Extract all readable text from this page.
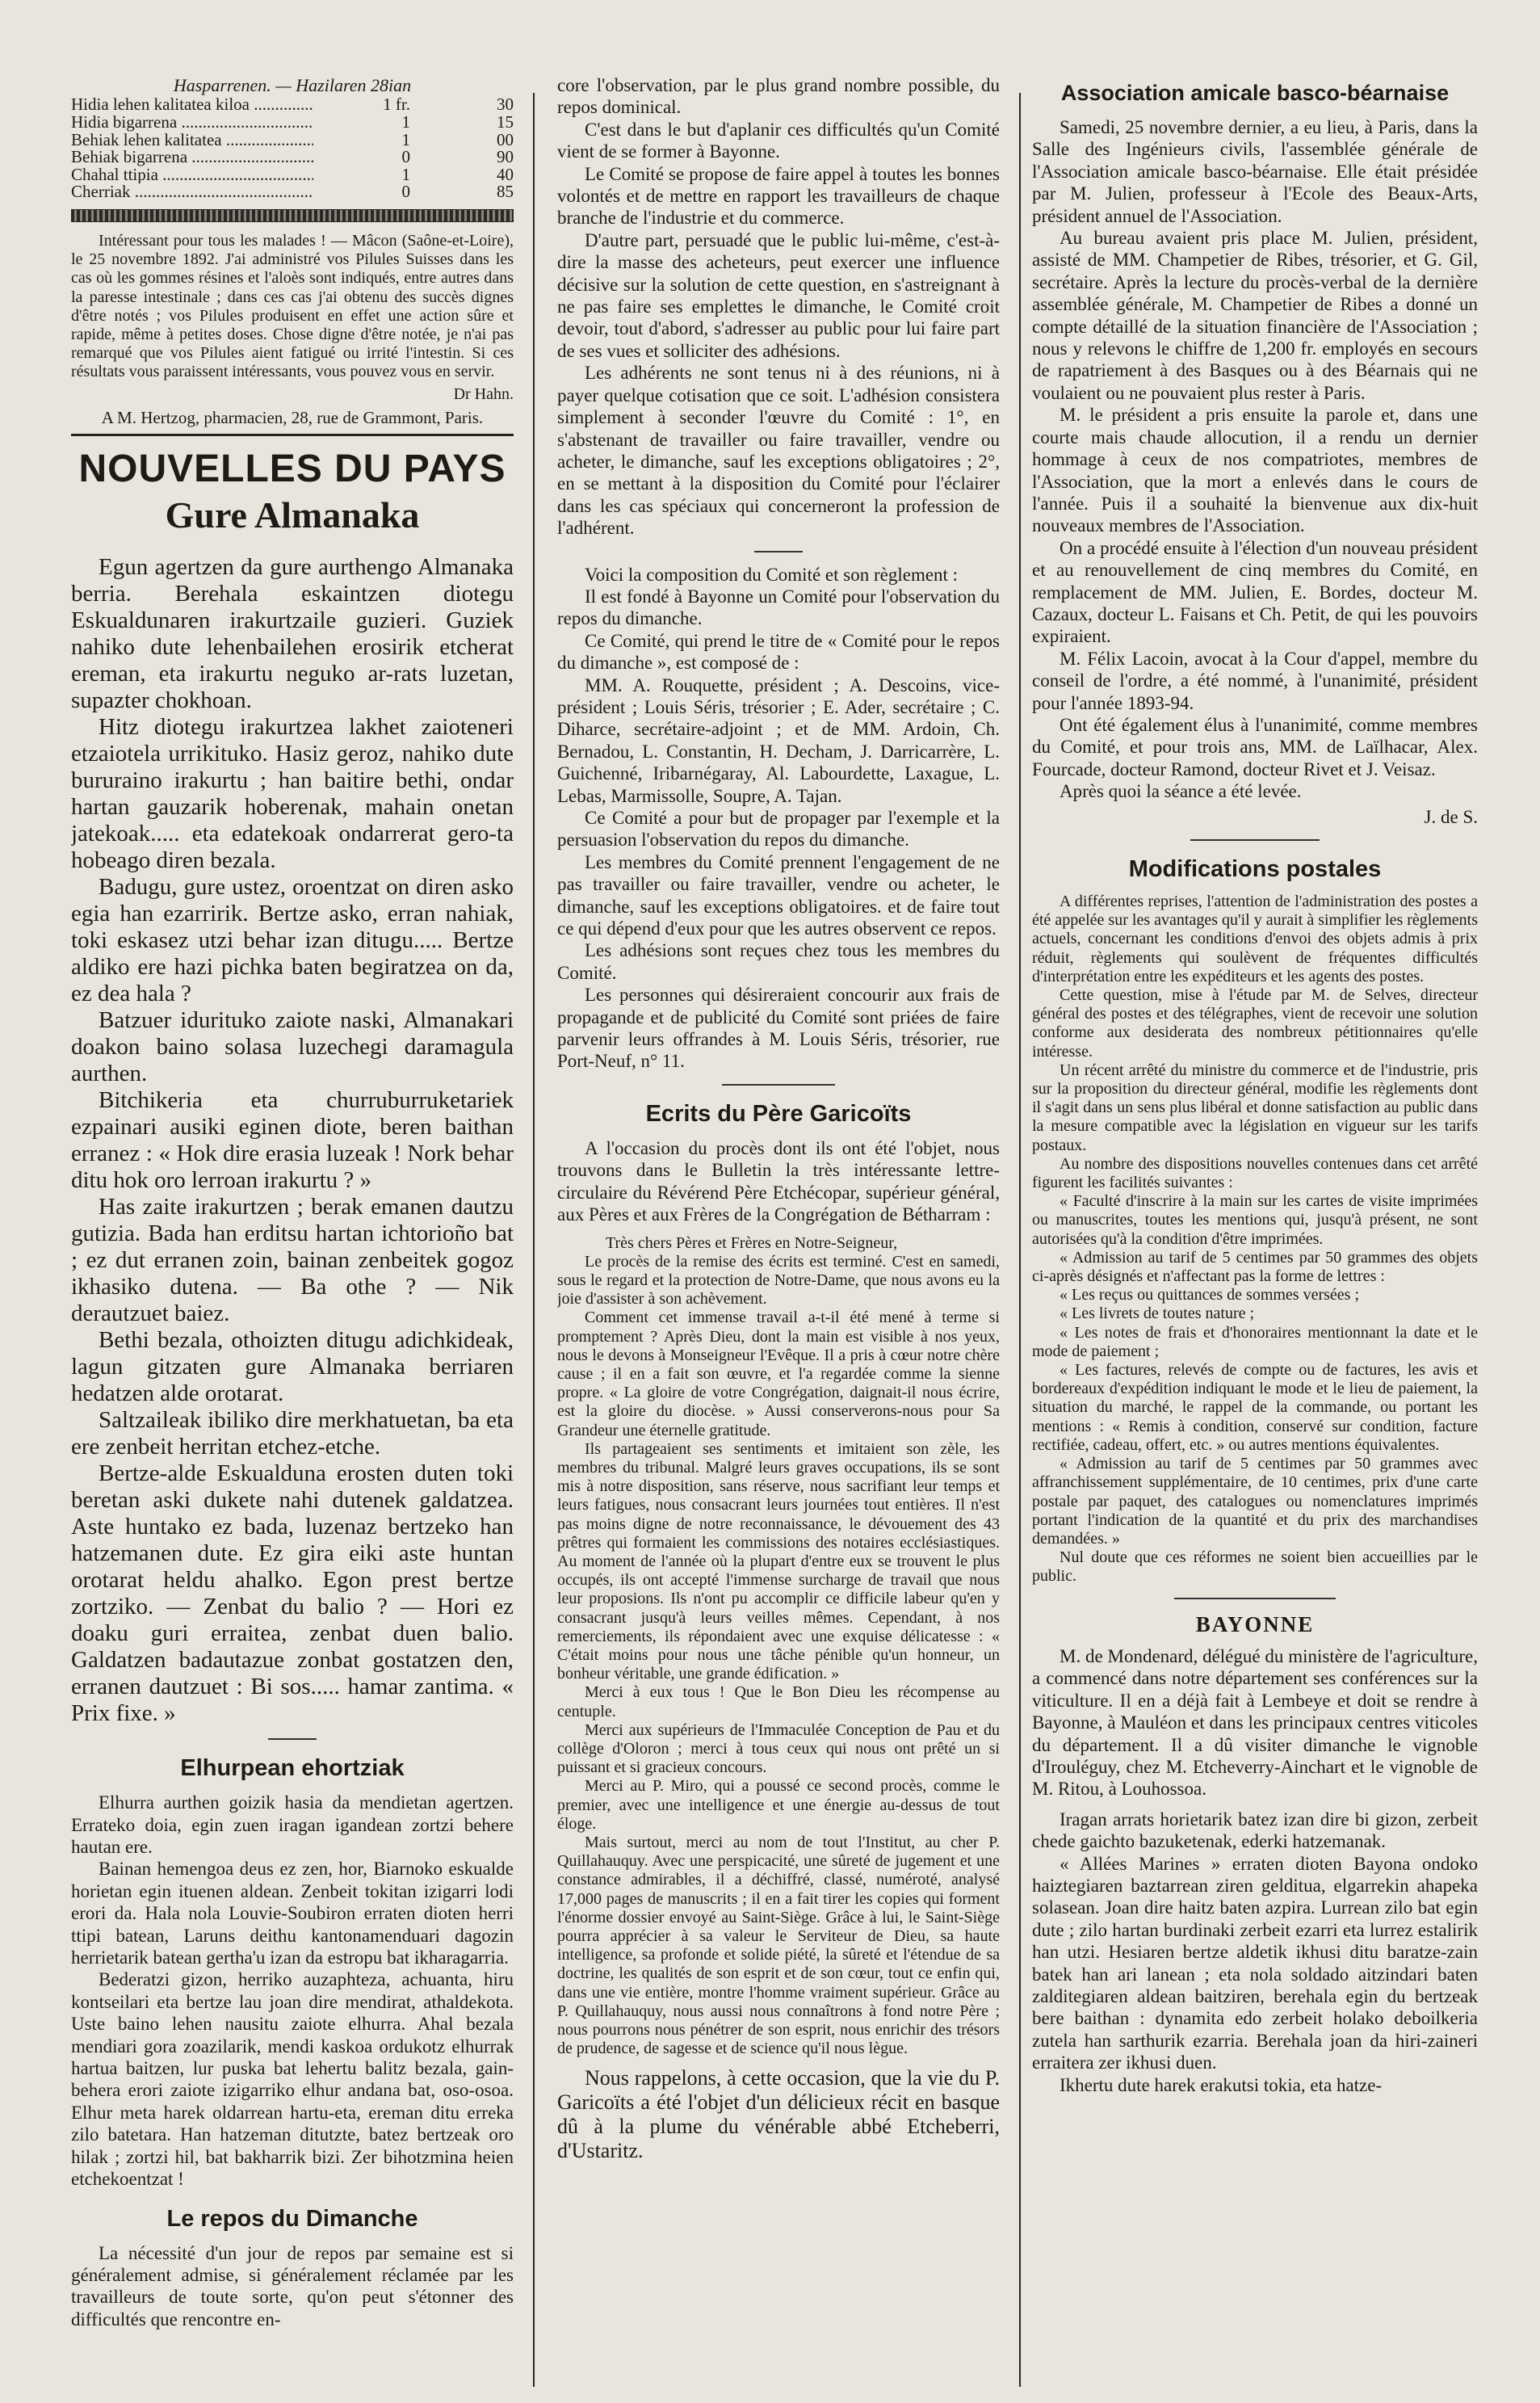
Hasparrenen. — Hazilaren 28ian

Hidia lehen kalitatea kiloa .....	1 fr.	30
Hidia bigarrena .....	1	15
Behiak lehen kalitatea .....	1	00
Behiak bigarrena .....	0	90
Chahal ttipia .....	1	40
Cherriak .....	0	85

Intéressant pour tous les malades ! — Mâcon (Saône-et-Loire), le 25 novembre 1892. J'ai administré vos Pilules Suisses dans les cas où les gommes résines et l'aloès sont indiqués, entre autres dans la paresse intestinale ; dans ces cas j'ai obtenu des succès dignes d'être notés ; vos Pilules produisent en effet une action sûre et rapide, même à petites doses. Chose digne d'être notée, je n'ai pas remarqué que vos Pilules aient fatigué ou irrité l'intestin. Si ces résultats vous paraissent intéressants, vous pouvez vous en servir.

Dr Hahn.

A M. Hertzog, pharmacien, 28, rue de Grammont, Paris.

NOUVELLES DU PAYS
Gure Almanaka

Egun agertzen da gure aurthengo Almanaka berria. Berehala eskaintzen diotegu Eskualdunaren irakurtzaile guzieri. Guziek nahiko dute lehenbailehen erosirik etcherat ereman, eta irakurtu neguko ar-rats luzetan, supazter chokhoan.

Hitz diotegu irakurtzea lakhet zaioteneri etzaiotela urrikituko. Hasiz geroz, nahiko dute bururaino irakurtu ; han baitire bethi, ondar hartan gauzarik hoberenak, mahain onetan jatekoak..... eta edatekoak ondarrerat gero-ta hobeago diren bezala.

Badugu, gure ustez, oroentzat on diren asko egia han ezarririk. Bertze asko, erran nahiak, toki eskasez utzi behar izan ditugu..... Bertze aldiko ere hazi pichka baten begiratzea on da, ez dea hala ?

Batzuer idurituko zaiote naski, Almanakari doakon baino solasa luzechegi daramagula aurthen.

Bitchikeria eta churruburruketariek ezpainari ausiki eginen diote, beren baithan erranez : « Hok dire erasia luzeak ! Nork behar ditu hok oro lerroan irakurtu ? »

Has zaite irakurtzen ; berak emanen dautzu gutizia. Bada han erditsu hartan ichtorioño bat ; ez dut erranen zoin, bainan zenbeitek gogoz ikhasiko dutena. — Ba othe ? — Nik derautzuet baiez.

Bethi bezala, othoizten ditugu adichkideak, lagun gitzaten gure Almanaka berriaren hedatzen alde orotarat.

Saltzaileak ibiliko dire merkhatuetan, ba eta ere zenbeit herritan etchez-etche.

Bertze-alde Eskualduna erosten duten toki beretan aski dukete nahi dutenek galdatzea. Aste huntako ez bada, luzenaz bertzeko han hatzemanen dute. Ez gira eiki aste huntan orotarat heldu ahalko. Egon prest bertze zortziko. — Zenbat du balio ? — Hori ez doaku guri erraitea, zenbat duen balio. Galdatzen badautazue zonbat gostatzen den, erranen dautzuet : Bi sos..... hamar zantima. « Prix fixe. »

Elhurpean ehortziak

Elhurra aurthen goizik hasia da mendietan agertzen. Errateko doia, egin zuen iragan igandean zortzi behere hautan ere.

Bainan hemengoa deus ez zen, hor, Biarnoko eskualde horietan egin ituenen aldean. Zenbeit tokitan izigarri lodi erori da. Hala nola Louvie-Soubiron erraten dioten herri ttipi batean, Laruns deithu kantonamenduari dagozin herrietarik batean gertha'u izan da estropu bat ikharagarria.

Bederatzi gizon, herriko auzaphteza, achuanta, hiru kontseilari eta bertze lau joan dire mendirat, athaldekota. Uste baino lehen nausitu zaiote elhurra. Ahal bezala mendiari gora zoazilarik, mendi kaskoa ordukotz elhurrak hartua baitzen, lur puska bat lehertu balitz bezala, gain-behera erori zaiote izigarriko elhur andana bat, oso-osoa. Elhur meta harek oldarrean hartu-eta, ereman ditu erreka zilo batetara. Han hatzeman ditutzte, batez bertzeak oro hilak ; zortzi hil, bat bakharrik bizi. Zer bihotzmina heien etchekoentzat !

Le repos du Dimanche

La nécessité d'un jour de repos par semaine est si généralement admise, si généralement réclamée par les travailleurs de toute sorte, qu'on peut s'étonner des difficultés que rencontre en-

core l'observation, par le plus grand nombre possible, du repos dominical.

C'est dans le but d'aplanir ces difficultés qu'un Comité vient de se former à Bayonne.

Le Comité se propose de faire appel à toutes les bonnes volontés et de mettre en rapport les travailleurs de chaque branche de l'industrie et du commerce.

D'autre part, persuadé que le public lui-même, c'est-à-dire la masse des acheteurs, peut exercer une influence décisive sur la solution de cette question, en s'astreignant à ne pas faire ses emplettes le dimanche, le Comité croit devoir, tout d'abord, s'adresser au public pour lui faire part de ses vues et solliciter des adhésions.

Les adhérents ne sont tenus ni à des réunions, ni à payer quelque cotisation que ce soit. L'adhésion consistera simplement à seconder l'œuvre du Comité : 1°, en s'abstenant de travailler ou faire travailler, vendre ou acheter, le dimanche, sauf les exceptions obligatoires ; 2°, en se mettant à la disposition du Comité pour l'éclairer dans les cas spéciaux qui concerneront la profession de l'adhérent.

Voici la composition du Comité et son règlement :

Il est fondé à Bayonne un Comité pour l'observation du repos du dimanche.

Ce Comité, qui prend le titre de « Comité pour le repos du dimanche », est composé de :

MM. A. Rouquette, président ; A. Descoins, vice-président ; Louis Séris, trésorier ; E. Ader, secrétaire ; C. Diharce, secrétaire-adjoint ; et de MM. Ardoin, Ch. Bernadou, L. Constantin, H. Decham, J. Darricarrère, L. Guichenné, Iribarnégaray, Al. Labourdette, Laxague, L. Lebas, Marmissolle, Soupre, A. Tajan.

Ce Comité a pour but de propager par l'exemple et la persuasion l'observation du repos du dimanche.

Les membres du Comité prennent l'engagement de ne pas travailler ou faire travailler, vendre ou acheter, le dimanche, sauf les exceptions obligatoires. et de faire tout ce qui dépend d'eux pour que les autres observent ce repos.

Les adhésions sont reçues chez tous les membres du Comité.

Les personnes qui désireraient concourir aux frais de propagande et de publicité du Comité sont priées de faire parvenir leurs offrandes à M. Louis Séris, trésorier, rue Port-Neuf, n° 11.

Ecrits du Père Garicoïts

A l'occasion du procès dont ils ont été l'objet, nous trouvons dans le Bulletin la très intéressante lettre-circulaire du Révérend Père Etchécopar, supérieur général, aux Pères et aux Frères de la Congrégation de Bétharram :

Très chers Pères et Frères en Notre-Seigneur,

Le procès de la remise des écrits est terminé. C'est en samedi, sous le regard et la protection de Notre-Dame, que nous avons eu la joie d'assister à son achèvement.

Comment cet immense travail a-t-il été mené à terme si promptement ? Après Dieu, dont la main est visible à nos yeux, nous le devons à Monseigneur l'Evêque. Il a pris à cœur notre chère cause ; il en a fait son œuvre, et l'a regardée comme la sienne propre. « La gloire de votre Congrégation, daignait-il nous écrire, est la gloire du diocèse. » Aussi conserverons-nous pour Sa Grandeur une éternelle gratitude.

Ils partageaient ses sentiments et imitaient son zèle, les membres du tribunal. Malgré leurs graves occupations, ils se sont mis à notre disposition, sans réserve, nous sacrifiant leur temps et leurs fatigues, nous consacrant leurs journées tout entières. Il n'est pas moins digne de notre reconnaissance, le dévouement des 43 prêtres qui formaient les commissions des notaires ecclésiastiques. Au moment de l'année où la plupart d'entre eux se trouvent le plus occupés, ils ont accepté l'immense surcharge de travail que nous leur proposions. Ils n'ont pu accomplir ce difficile labeur qu'en y consacrant jusqu'à leurs veilles mêmes. Cependant, à nos remerciements, ils répondaient avec une exquise délicatesse : « C'était moins pour nous une tâche pénible qu'un honneur, un bonheur véritable, une grande édification. »

Merci à eux tous ! Que le Bon Dieu les récompense au centuple.

Merci aux supérieurs de l'Immaculée Conception de Pau et du collège d'Oloron ; merci à tous ceux qui nous ont prêté un si puissant et si gracieux concours.

Merci au P. Miro, qui a poussé ce second procès, comme le premier, avec une intelligence et une énergie au-dessus de tout éloge.

Mais surtout, merci au nom de tout l'Institut, au cher P. Quillahauquy. Avec une perspicacité, une sûreté de jugement et une constance admirables, il a déchiffré, classé, numéroté, analysé 17,000 pages de manuscrits ; il en a fait tirer les copies qui forment l'énorme dossier envoyé au Saint-Siège. Grâce à lui, le Saint-Siège pourra apprécier à sa valeur le Serviteur de Dieu, sa haute intelligence, sa profonde et solide piété, la sûreté et l'étendue de sa doctrine, les qualités de son esprit et de son cœur, tout ce enfin qui, dans une vie entière, montre l'homme vraiment supérieur. Grâce au P. Quillahauquy, nous aussi nous connaîtrons à fond notre Père ; nous pourrons nous pénétrer de son esprit, nous enrichir des trésors de prudence, de sagesse et de science qu'il nous lègue.

Nous rappelons, à cette occasion, que la vie du P. Garicoïts a été l'objet d'un délicieux récit en basque dû à la plume du vénérable abbé Etcheberri, d'Ustaritz.

Association amicale basco-béarnaise

Samedi, 25 novembre dernier, a eu lieu, à Paris, dans la Salle des Ingénieurs civils, l'assemblée générale de l'Association amicale basco-béarnaise. Elle était présidée par M. Julien, professeur à l'Ecole des Beaux-Arts, président annuel de l'Association.

Au bureau avaient pris place M. Julien, président, assisté de MM. Champetier de Ribes, trésorier, et G. Gil, secrétaire. Après la lecture du procès-verbal de la dernière assemblée générale, M. Champetier de Ribes a donné un compte détaillé de la situation financière de l'Association ; nous y relevons le chiffre de 1,200 fr. employés en secours de rapatriement à des Basques ou à des Béarnais qui ne voulaient ou ne pouvaient plus rester à Paris.

M. le président a pris ensuite la parole et, dans une courte mais chaude allocution, il a rendu un dernier hommage à ceux de nos compatriotes, membres de l'Association, que la mort a enlevés dans le cours de l'année. Puis il a souhaité la bienvenue aux dix-huit nouveaux membres de l'Association.

On a procédé ensuite à l'élection d'un nouveau président et au renouvellement de cinq membres du Comité, en remplacement de MM. Julien, E. Bordes, docteur M. Cazaux, docteur L. Faisans et Ch. Petit, de qui les pouvoirs expiraient.

M. Félix Lacoin, avocat à la Cour d'appel, membre du conseil de l'ordre, a été nommé, à l'unanimité, président pour l'année 1893-94.

Ont été également élus à l'unanimité, comme membres du Comité, et pour trois ans, MM. de Laïlhacar, Alex. Fourcade, docteur Ramond, docteur Rivet et J. Veisaz.

Après quoi la séance a été levée.

J. de S.

Modifications postales

A différentes reprises, l'attention de l'administration des postes a été appelée sur les avantages qu'il y aurait à simplifier les règlements actuels, concernant les conditions d'envoi des objets admis à prix réduit, règlements qui soulèvent de fréquentes difficultés d'interprétation entre les expéditeurs et les agents des postes.

Cette question, mise à l'étude par M. de Selves, directeur général des postes et des télégraphes, vient de recevoir une solution conforme aux desiderata des nombreux pétitionnaires qu'elle intéresse.

Un récent arrêté du ministre du commerce et de l'industrie, pris sur la proposition du directeur général, modifie les règlements dont il s'agit dans un sens plus libéral et donne satisfaction au public dans la mesure compatible avec la législation en vigueur sur les tarifs postaux.

Au nombre des dispositions nouvelles contenues dans cet arrêté figurent les facilités suivantes :

« Faculté d'inscrire à la main sur les cartes de visite imprimées ou manuscrites, toutes les mentions qui, jusqu'à présent, ne sont autorisées qu'à la condition d'être imprimées.

« Admission au tarif de 5 centimes par 50 grammes des objets ci-après désignés et n'affectant pas la forme de lettres :

« Les reçus ou quittances de sommes versées ;

« Les livrets de toutes nature ;

« Les notes de frais et d'honoraires mentionnant la date et le mode de paiement ;

« Les factures, relevés de compte ou de factures, les avis et bordereaux d'expédition indiquant le mode et le lieu de paiement, la situation du marché, le rappel de la commande, ou portant les mentions : « Remis à condition, conservé sur condition, facture rectifiée, cadeau, offert, etc. » ou autres mentions équivalentes.

« Admission au tarif de 5 centimes par 50 grammes avec affranchissement supplémentaire, de 10 centimes, prix d'une carte postale par paquet, des catalogues ou nomenclatures imprimés portant l'indication de la quantité et du prix des marchandises demandées. »

Nul doute que ces réformes ne soient bien accueillies par le public.

BAYONNE

M. de Mondenard, délégué du ministère de l'agriculture, a commencé dans notre département ses conférences sur la viticulture. Il en a déjà fait à Lembeye et doit se rendre à Bayonne, à Mauléon et dans les principaux centres viticoles du département. Il a dû visiter dimanche le vignoble d'Irouléguy, chez M. Etcheverry-Ainchart et le vignoble de M. Ritou, à Louhossoa.

Iragan arrats horietarik batez izan dire bi gizon, zerbeit chede gaichto bazuketenak, ederki hatzemanak.

« Allées Marines » erraten dioten Bayona ondoko haiztegiaren baztarrean ziren gelditua, elgarrekin ahapeka solasean. Joan dire haitz baten azpira. Lurrean zilo bat egin dute ; zilo hartan burdinaki zerbeit ezarri eta lurrez estalirik han utzi. Hesiaren bertze aldetik ikhusi ditu baratze-zain batek han ari lanean ; eta nola soldado aitzindari baten zalditegiaren aldean baitziren, berehala egin du bertzeak bere baithan : dynamita edo zerbeit holako deboilkeria zutela han sarthurik ezarria. Berehala joan da hiri-zaineri erraitera zer ikhusi duen.

Ikhertu dute harek erakutsi tokia, eta hatze-
